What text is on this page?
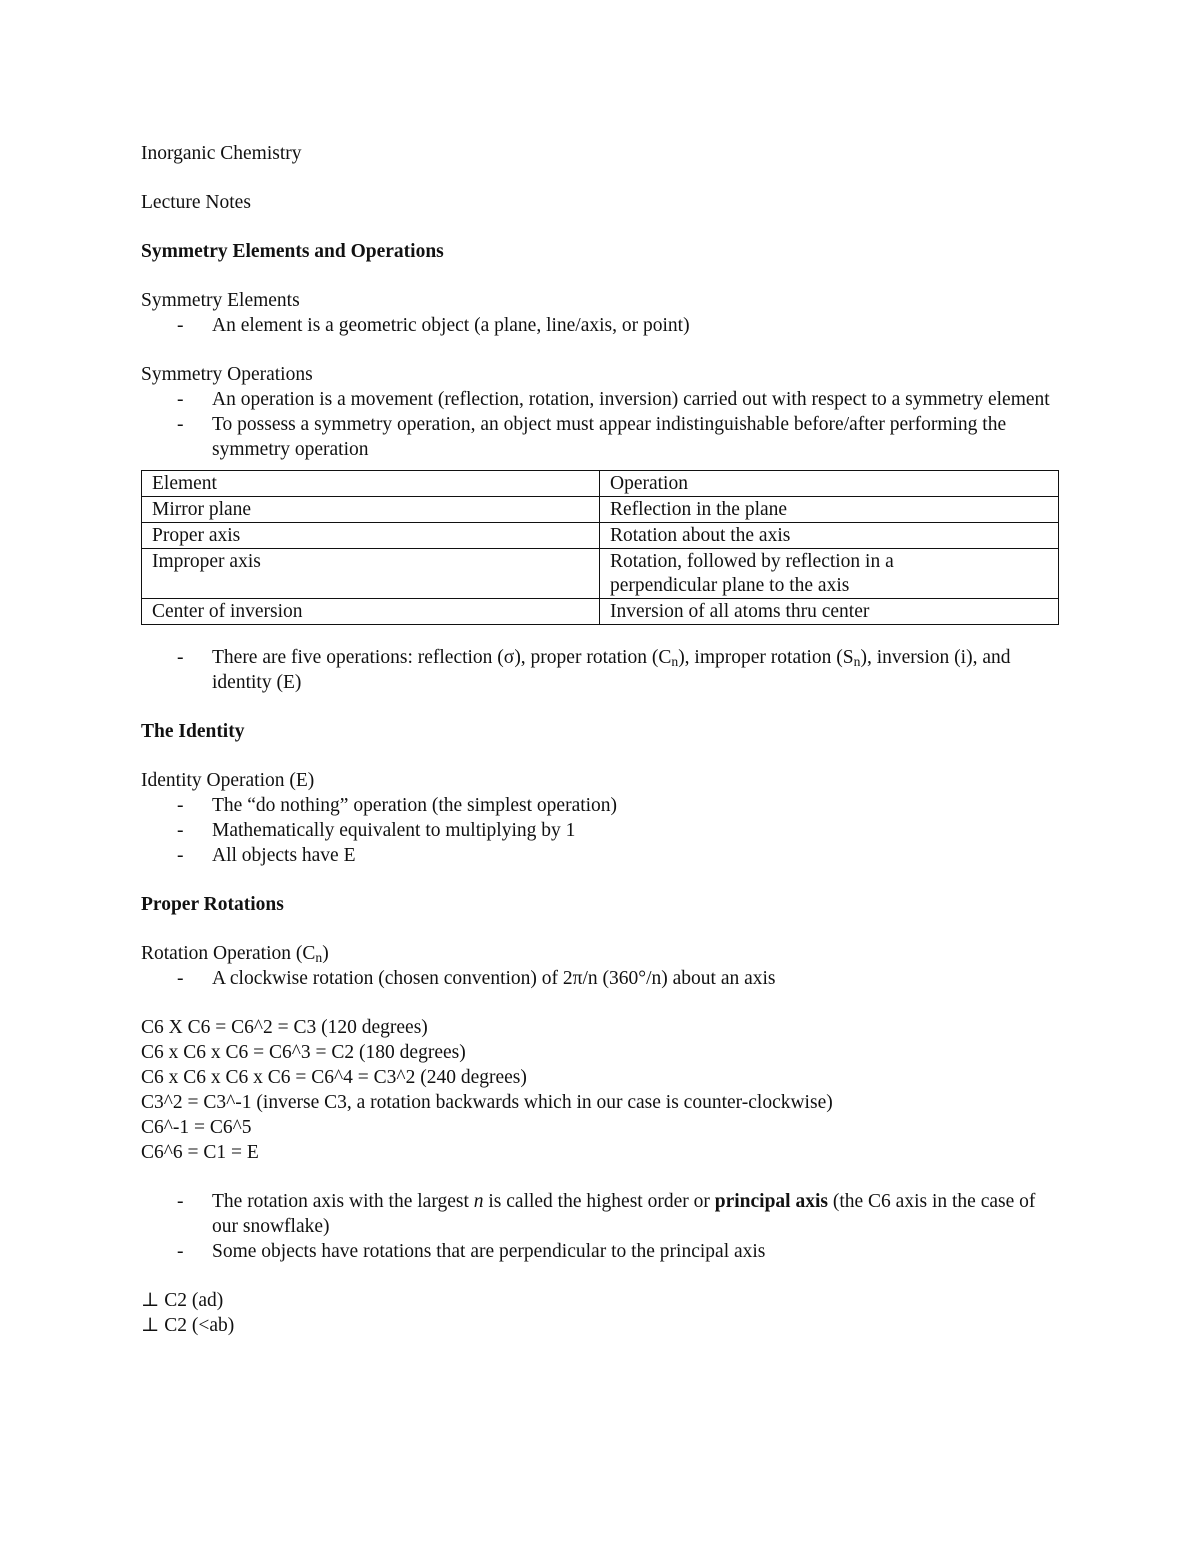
Inorganic Chemistry
Lecture Notes
Symmetry Elements and Operations
Symmetry Elements
- An element is a geometric object (a plane, line/axis, or point)
Symmetry Operations
- An operation is a movement (reflection, rotation, inversion) carried out with respect to a symmetry element
- To possess a symmetry operation, an object must appear indistinguishable before/after performing the symmetry operation
Element	Operation
Mirror plane	Reflection in the plane
Proper axis	Rotation about the axis
Improper axis	Rotation, followed by reflection in a perpendicular plane to the axis
Center of inversion	Inversion of all atoms thru center
- There are five operations: reflection (σ), proper rotation $(C_n)$, improper rotation $(S_n)$, inversion (i), and identity (E)
The Identity
Identity Operation (E)
- The “do nothing” operation (the simplest operation)
- Mathematically equivalent to multiplying by 1
- All objects have E
Proper Rotations
Rotation Operation $(C_n)$
- A clockwise rotation (chosen convention) of 2π/n (360°/n) about an axis
C6 X C6 = C6^2 = C3 (120 degrees)
C6 x C6 x C6 = C6^3 = C2 (180 degrees)
C6 x C6 x C6 x C6 = C6^4 = C3^2 (240 degrees)
C3^2 = C3^-1 (inverse C3, a rotation backwards which in our case is counter-clockwise)
C6^-1 = C6^5
C6^6 = C1 = E
- The rotation axis with the largest n is called the highest order or principal axis (the C6 axis in the case of our snowflake)
- Some objects have rotations that are perpendicular to the principal axis
⊥ C2 (ad)
⊥ C2 (<ab)
